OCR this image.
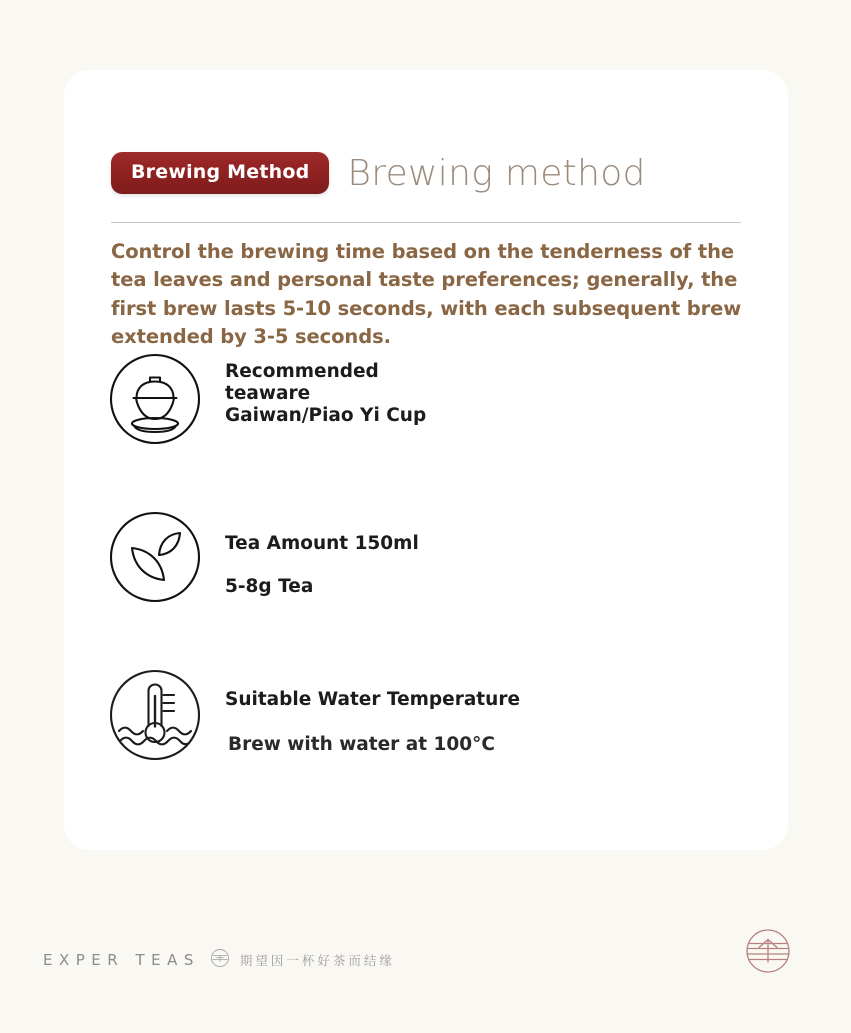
Brewing Method	Brewing method
Control the brewing time based on the tenderness of the tea leaves and personal taste preferences; generally, the first brew lasts 5-10 seconds, with each subsequent brew extended by 3-5 seconds.
Recommended
teaware
Gaiwan/Piao Yi Cup
Tea Amount 150ml
5-8g Tea
Suitable Water Temperature
Brew with water at 100°C
EXPER TEAS	期望因一杯好茶而结缘
